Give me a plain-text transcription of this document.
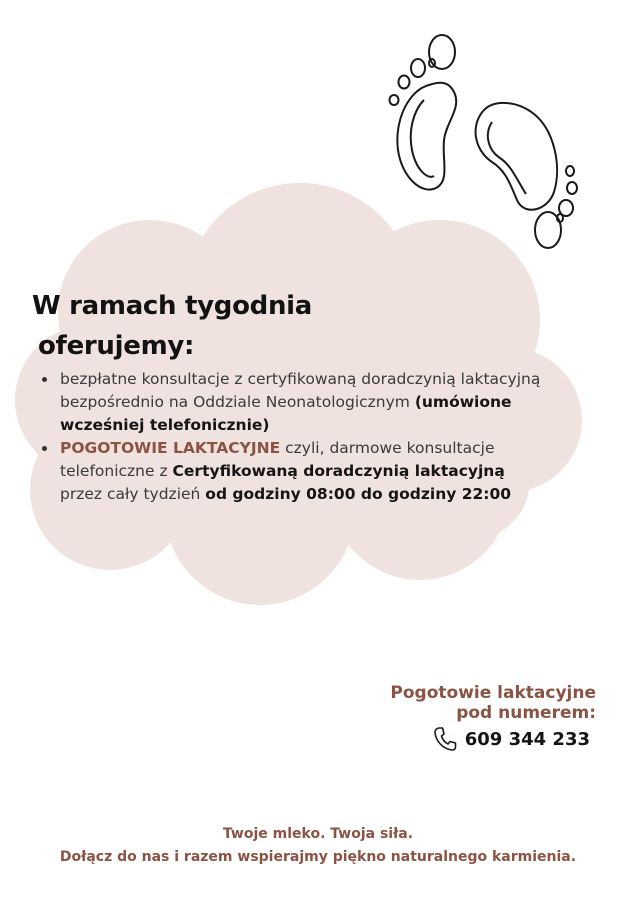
W ramach tygodnia
oferujemy:
bezpłatne konsultacje z certyfikowaną doradczynią laktacyjną bezpośrednio na Oddziale Neonatologicznym (umówione wcześniej telefonicznie)
POGOTOWIE LAKTACYJNE czyli, darmowe konsultacje telefoniczne z Certyfikowaną doradczynią laktacyjną przez cały tydzień od godziny 08:00 do godziny 22:00
Pogotowie laktacyjne
pod numerem:
609 344 233
Twoje mleko. Twoja siła.
Dołącz do nas i razem wspierajmy piękno naturalnego karmienia.
